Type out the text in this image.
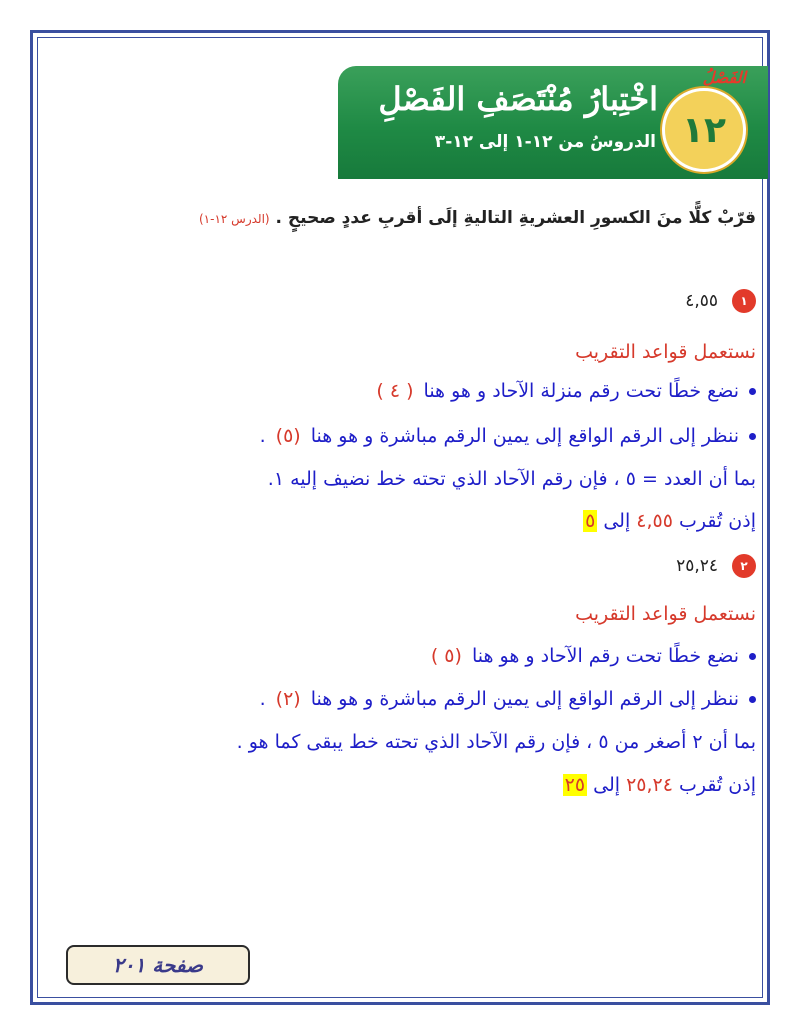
اخْتِبارُ مُنْتَصَفِ الفَصْلِ
الدروسُ من ١٢-١ إلى ١٢-٣
الفَصْلُ
١٢
قرّبْ كلًّا منَ الكسورِ العشريةِ التاليةِ إلَى أقربِ عددٍ صحيحٍ . (الدرس ١٢-١)
١
٤,٥٥
نستعمل قواعد التقريب
نضع خطًا تحت رقم منزلة الآحاد و هو هنا
( ٤ )
ننظر إلى الرقم الواقع إلى يمين الرقم مباشرة و هو هنا
(٥)
.
بما أن العدد = ٥ ، فإن رقم الآحاد الذي تحته خط نضيف إليه ١.
إذن تُقرب ٤,٥٥ إلى ٥
٢
٢٥,٢٤
نستعمل قواعد التقريب
نضع خطًا تحت رقم الآحاد و هو هنا
(٥ )
ننظر إلى الرقم الواقع إلى يمين الرقم مباشرة و هو هنا
(٢)
.
بما أن ٢ أصغر من ٥ ، فإن رقم الآحاد الذي تحته خط يبقى كما هو .
إذن تُقرب ٢٥,٢٤ إلى ٢٥
صفحة ٢٠١
